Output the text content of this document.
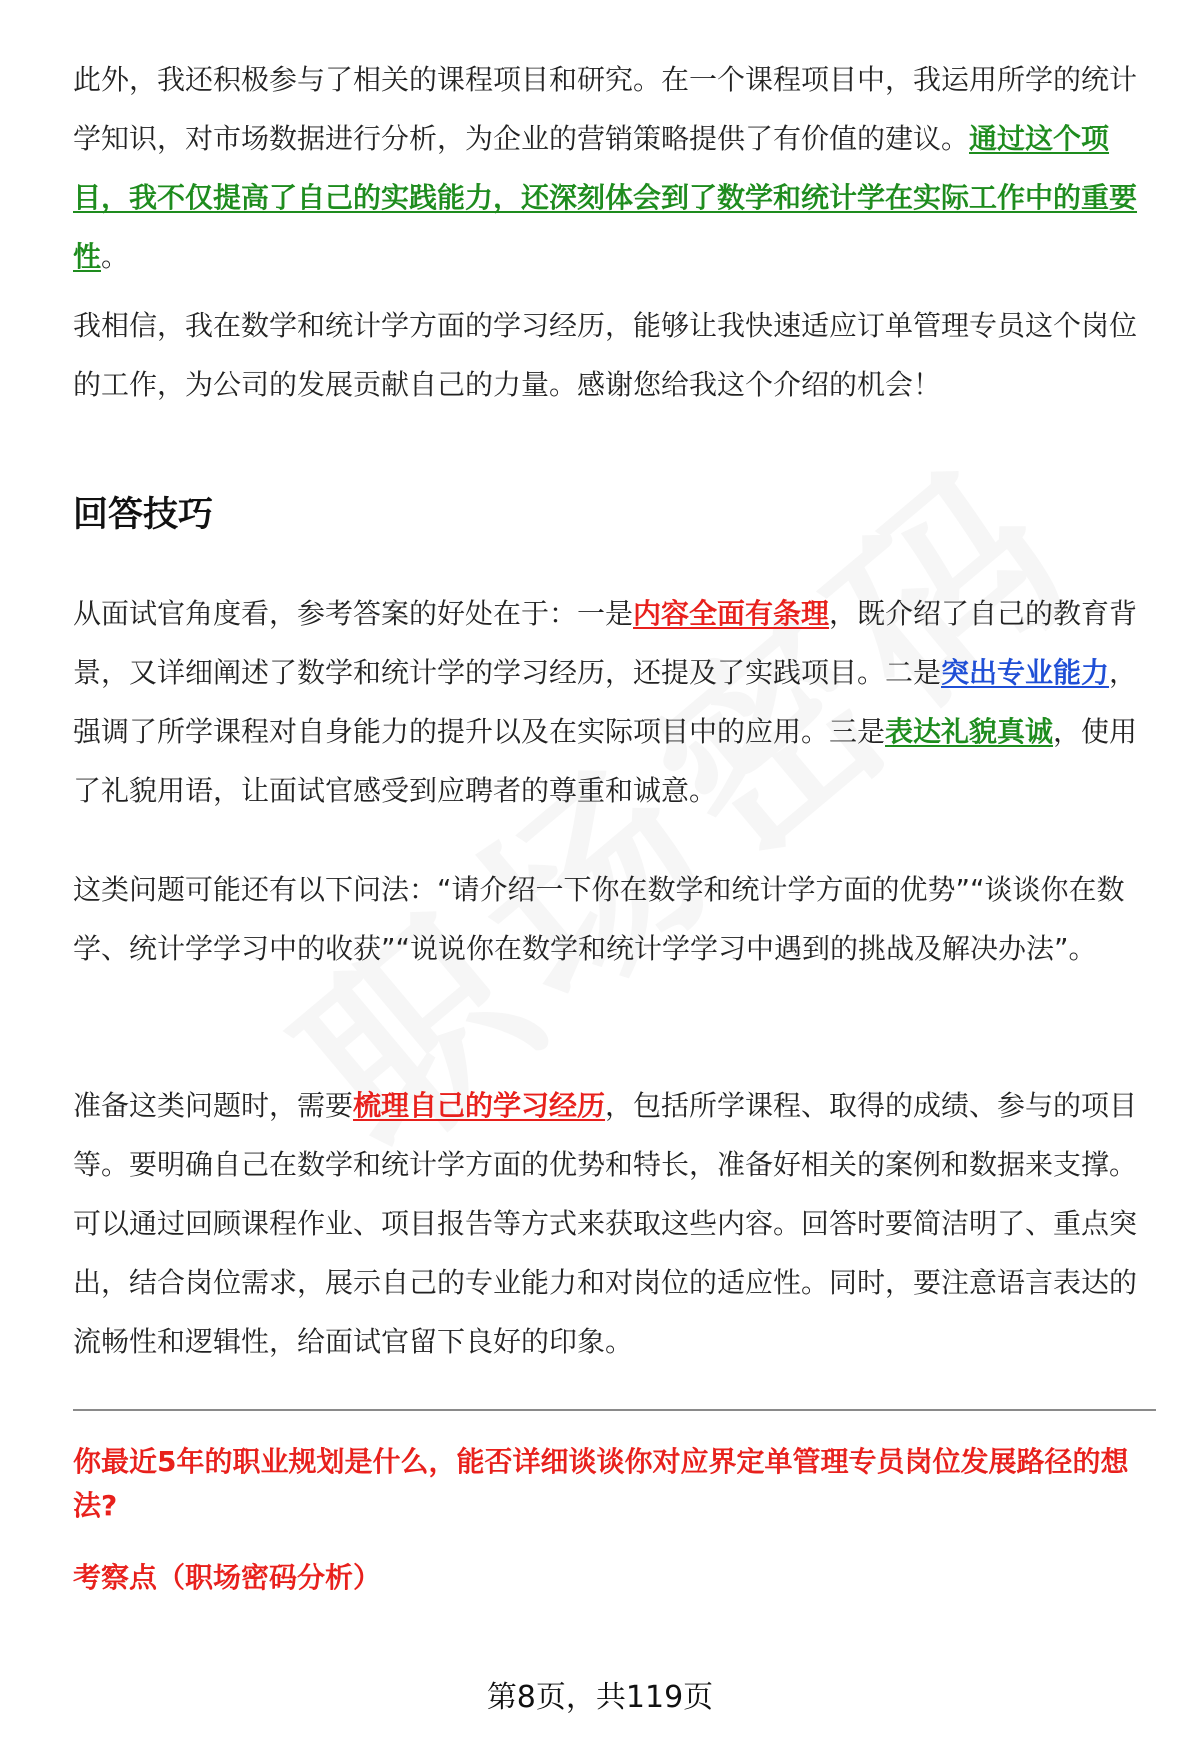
此外，我还积极参与了相关的课程项目和研究。在一个课程项目中，我运用所学的统计学知识，对市场数据进行分析，为企业的营销策略提供了有价值的建议。通过这个项目，我不仅提高了自己的实践能力，还深刻体会到了数学和统计学在实际工作中的重要性。

我相信，我在数学和统计学方面的学习经历，能够让我快速适应订单管理专员这个岗位的工作，为公司的发展贡献自己的力量。感谢您给我这个介绍的机会！

回答技巧

从面试官角度看，参考答案的好处在于：一是内容全面有条理，既介绍了自己的教育背景，又详细阐述了数学和统计学的学习经历，还提及了实践项目。二是突出专业能力，强调了所学课程对自身能力的提升以及在实际项目中的应用。三是表达礼貌真诚，使用了礼貌用语，让面试官感受到应聘者的尊重和诚意。

这类问题可能还有以下问法：“请介绍一下你在数学和统计学方面的优势”“谈谈你在数学、统计学学习中的收获”“说说你在数学和统计学学习中遇到的挑战及解决办法”。

准备这类问题时，需要梳理自己的学习经历，包括所学课程、取得的成绩、参与的项目等。要明确自己在数学和统计学方面的优势和特长，准备好相关的案例和数据来支撑。可以通过回顾课程作业、项目报告等方式来获取这些内容。回答时要简洁明了、重点突出，结合岗位需求，展示自己的专业能力和对岗位的适应性。同时，要注意语言表达的流畅性和逻辑性，给面试官留下良好的印象。

你最近5年的职业规划是什么，能否详细谈谈你对应界定单管理专员岗位发展路径的想法?

考察点（职场密码分析）

第8页，共119页
